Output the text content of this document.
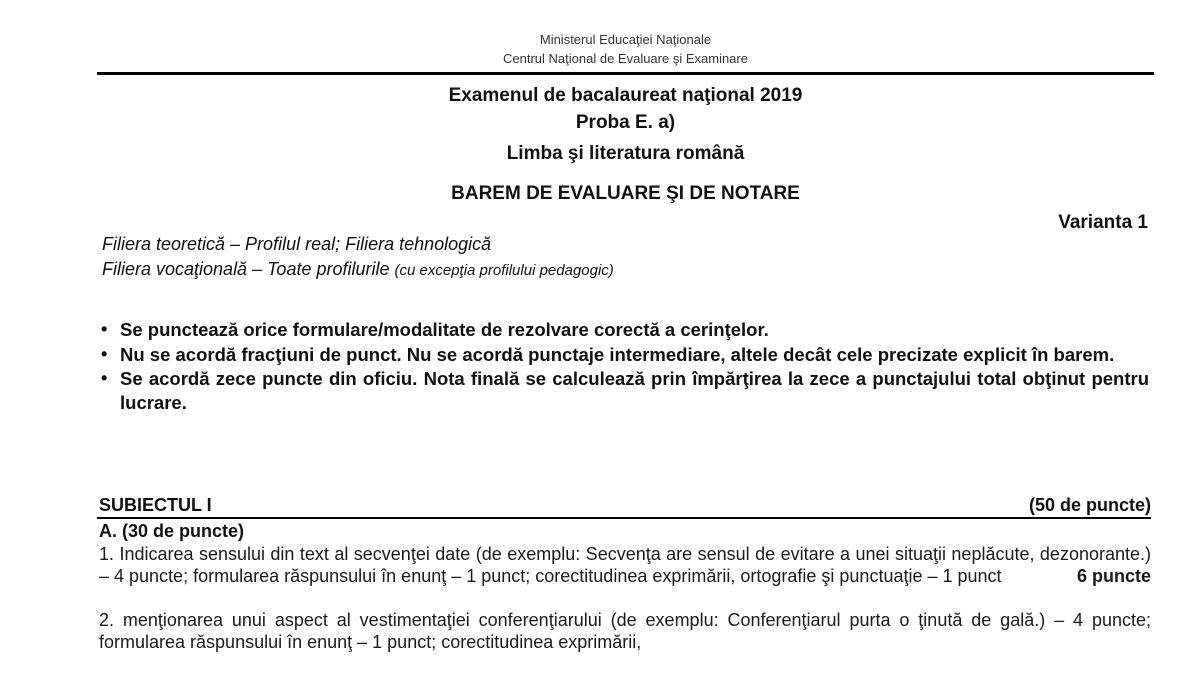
Ministerul Educaţiei Naţionale
Centrul Naţional de Evaluare şi Examinare
Examenul de bacalaureat naţional 2019
Proba E. a)
Limba şi literatura română
BAREM DE EVALUARE ŞI DE NOTARE
Varianta 1
Filiera teoretică – Profilul real; Filiera tehnologică
Filiera vocaţională – Toate profilurile (cu excepţia profilului pedagogic)
• Se punctează orice formulare/modalitate de rezolvare corectă a cerinţelor.
• Nu se acordă fracţiuni de punct. Nu se acordă punctaje intermediare, altele decât cele precizate explicit în barem.
• Se acordă zece puncte din oficiu. Nota finală se calculează prin împărţirea la zece a punctajului total obţinut pentru lucrare.
SUBIECTUL I	(50 de puncte)
A. (30 de puncte)
1. Indicarea sensului din text al secvenţei date (de exemplu: Secvenţa are sensul de evitare a unei situaţii neplăcute, dezonorante.) – 4 puncte; formularea răspunsului în enunţ – 1 punct; corectitudinea exprimării, ortografie şi punctuaţie – 1 punct	6 puncte
2. menţionarea unui aspect al vestimentaţiei conferenţiarului (de exemplu: Conferenţiarul purta o ţinută de gală.) – 4 puncte; formularea răspunsului în enunţ – 1 punct; corectitudinea exprimării,
